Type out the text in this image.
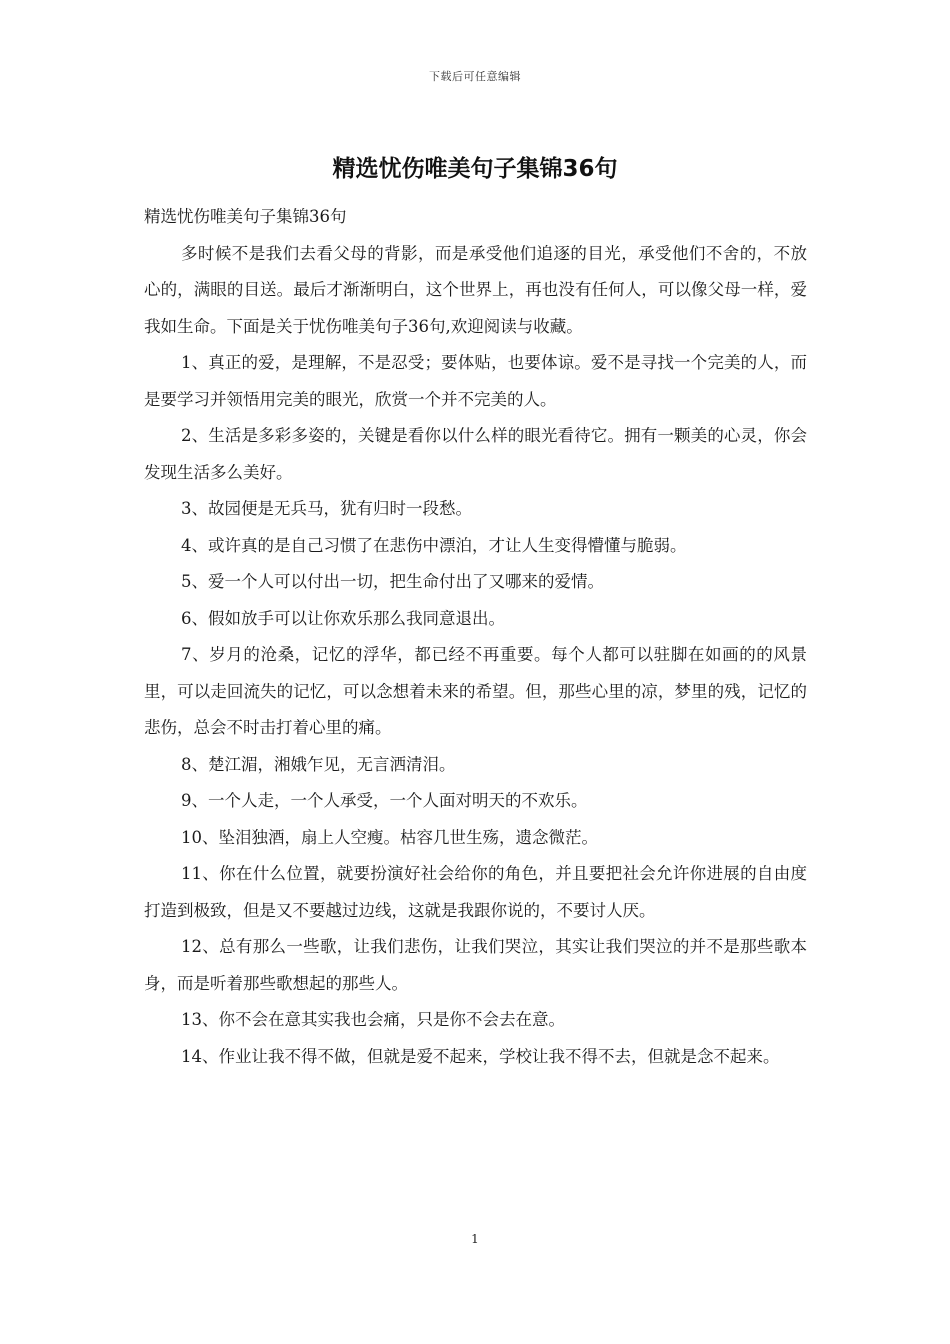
下载后可任意编辑
精选忧伤唯美句子集锦36句

精选忧伤唯美句子集锦36句

多时候不是我们去看父母的背影，而是承受他们追逐的目光，承受他们不舍的，不放心的，满眼的目送。最后才渐渐明白，这个世界上，再也没有任何人，可以像父母一样，爱我如生命。下面是关于忧伤唯美句子36句,欢迎阅读与收藏。

1、真正的爱，是理解，不是忍受；要体贴，也要体谅。爱不是寻找一个完美的人，而是要学习并领悟用完美的眼光，欣赏一个并不完美的人。

2、生活是多彩多姿的，关键是看你以什么样的眼光看待它。拥有一颗美的心灵，你会发现生活多么美好。

3、故园便是无兵马，犹有归时一段愁。

4、或许真的是自己习惯了在悲伤中漂泊，才让人生变得懵懂与脆弱。

5、爱一个人可以付出一切，把生命付出了又哪来的爱情。

6、假如放手可以让你欢乐那么我同意退出。

7、岁月的沧桑，记忆的浮华，都已经不再重要。每个人都可以驻脚在如画的的风景里，可以走回流失的记忆，可以念想着未来的希望。但，那些心里的凉，梦里的残，记忆的悲伤，总会不时击打着心里的痛。

8、楚江湄，湘娥乍见，无言洒清泪。

9、一个人走，一个人承受，一个人面对明天的不欢乐。

10、坠泪独酒，扇上人空瘦。枯容几世生殇，遗念微茫。

11、你在什么位置，就要扮演好社会给你的角色，并且要把社会允许你进展的自由度打造到极致，但是又不要越过边线，这就是我跟你说的，不要讨人厌。

12、总有那么一些歌，让我们悲伤，让我们哭泣，其实让我们哭泣的并不是那些歌本身，而是听着那些歌想起的那些人。

13、你不会在意其实我也会痛，只是你不会去在意。

14、作业让我不得不做，但就是爱不起来，学校让我不得不去，但就是念不起来。

1
